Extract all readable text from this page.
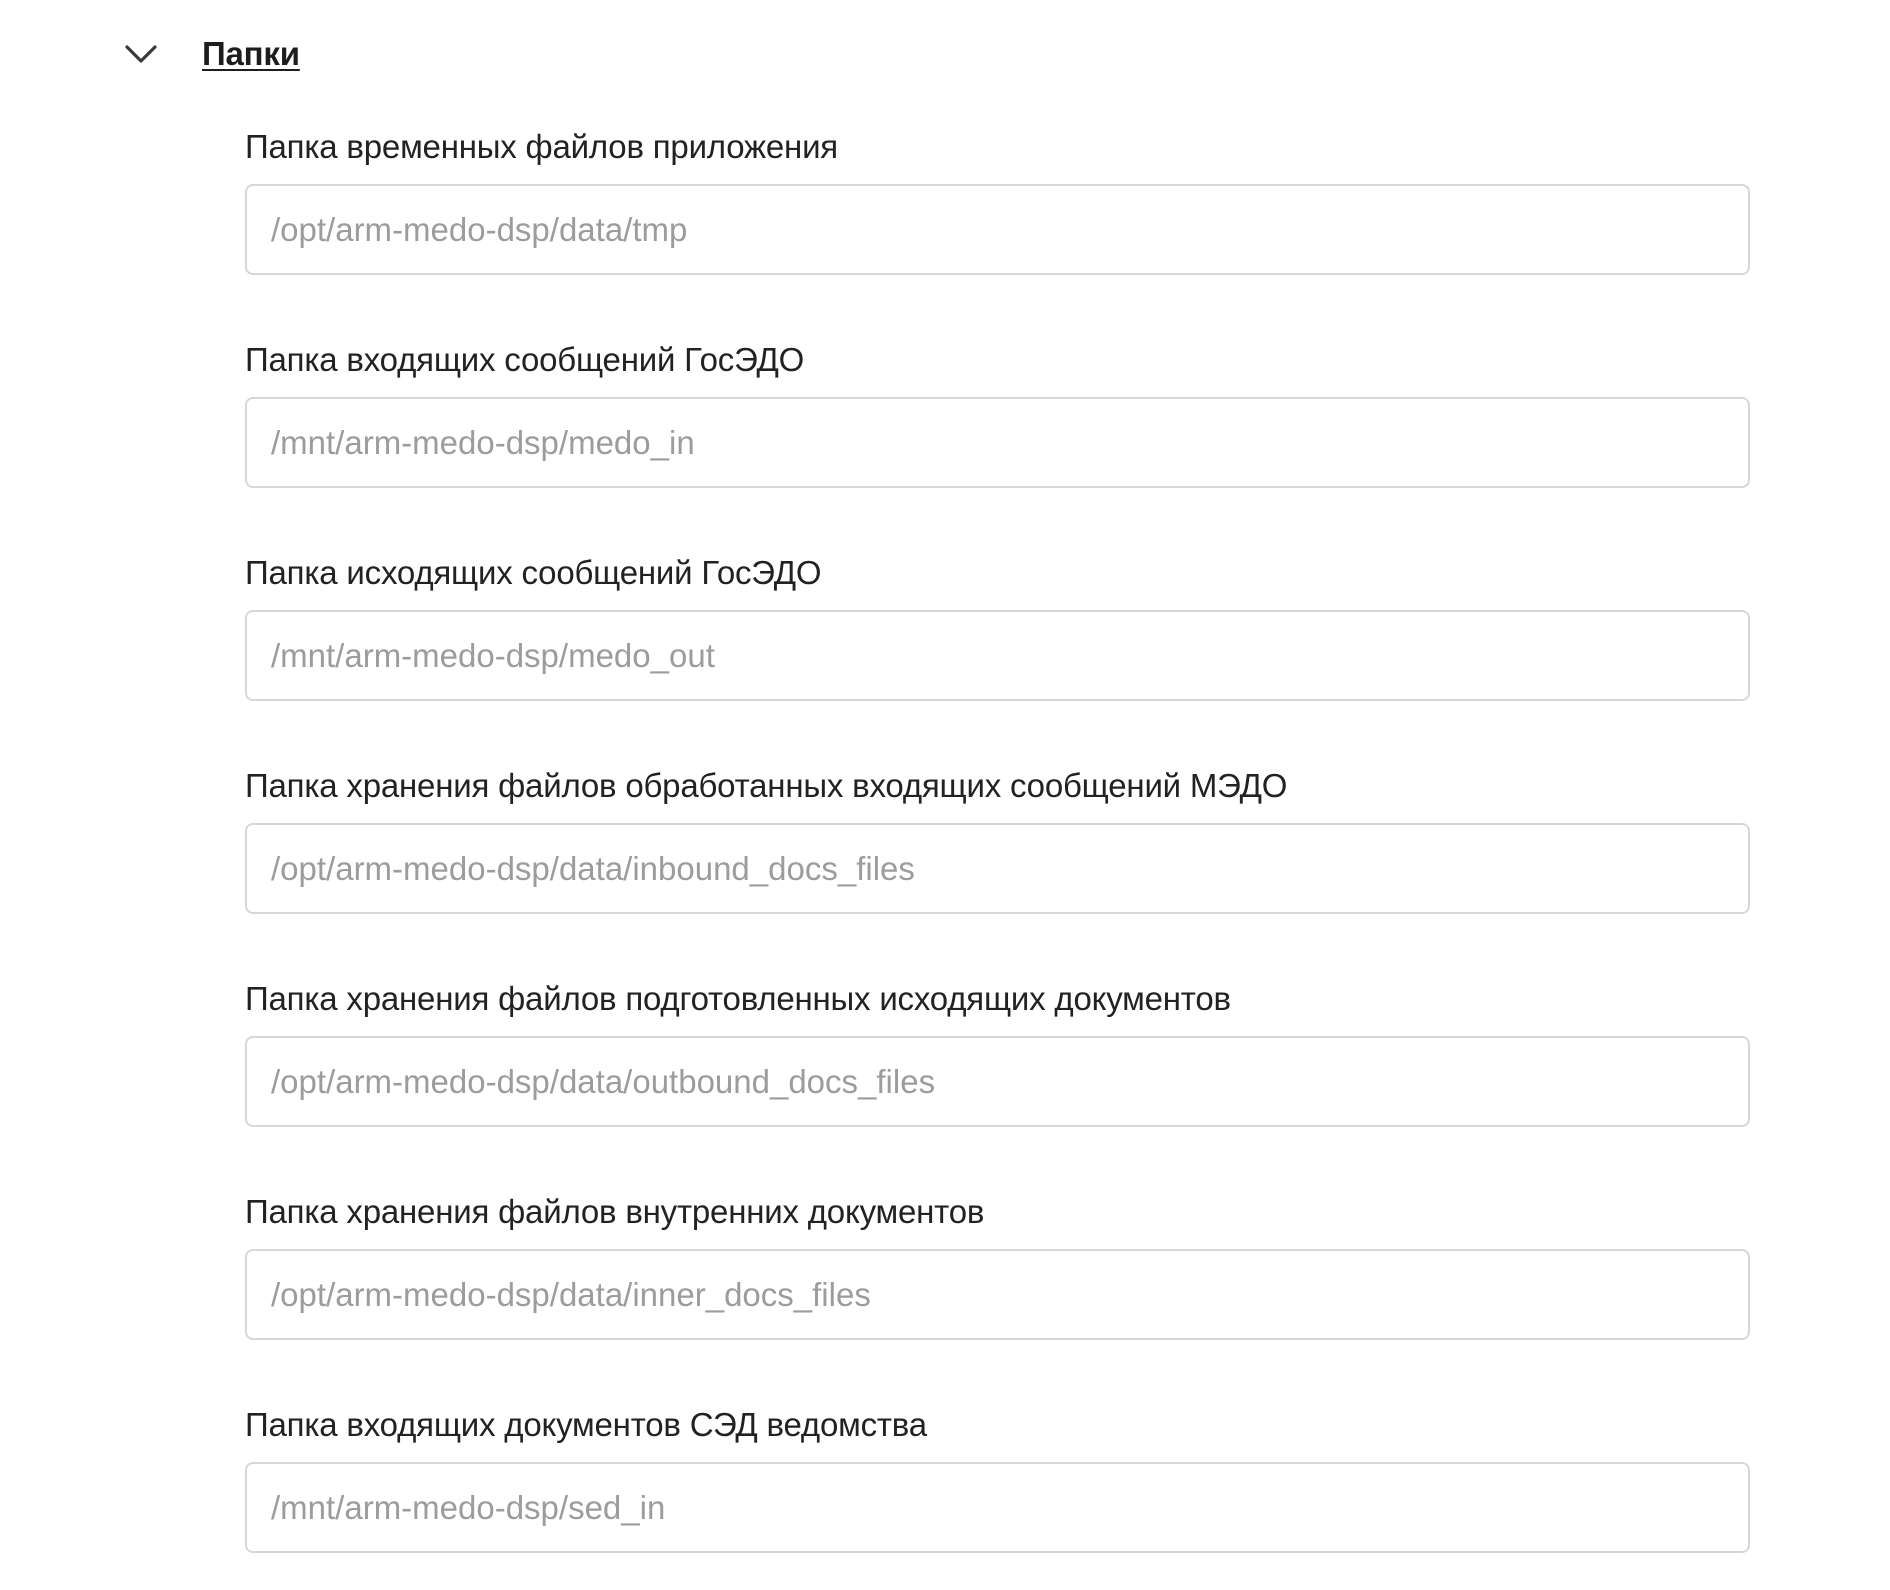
Папки
Папка временных файлов приложения
/opt/arm-medo-dsp/data/tmp
Папка входящих сообщений ГосЭДО
/mnt/arm-medo-dsp/medo_in
Папка исходящих сообщений ГосЭДО
/mnt/arm-medo-dsp/medo_out
Папка хранения файлов обработанных входящих сообщений МЭДО
/opt/arm-medo-dsp/data/inbound_docs_files
Папка хранения файлов подготовленных исходящих документов
/opt/arm-medo-dsp/data/outbound_docs_files
Папка хранения файлов внутренних документов
/opt/arm-medo-dsp/data/inner_docs_files
Папка входящих документов СЭД ведомства
/mnt/arm-medo-dsp/sed_in
